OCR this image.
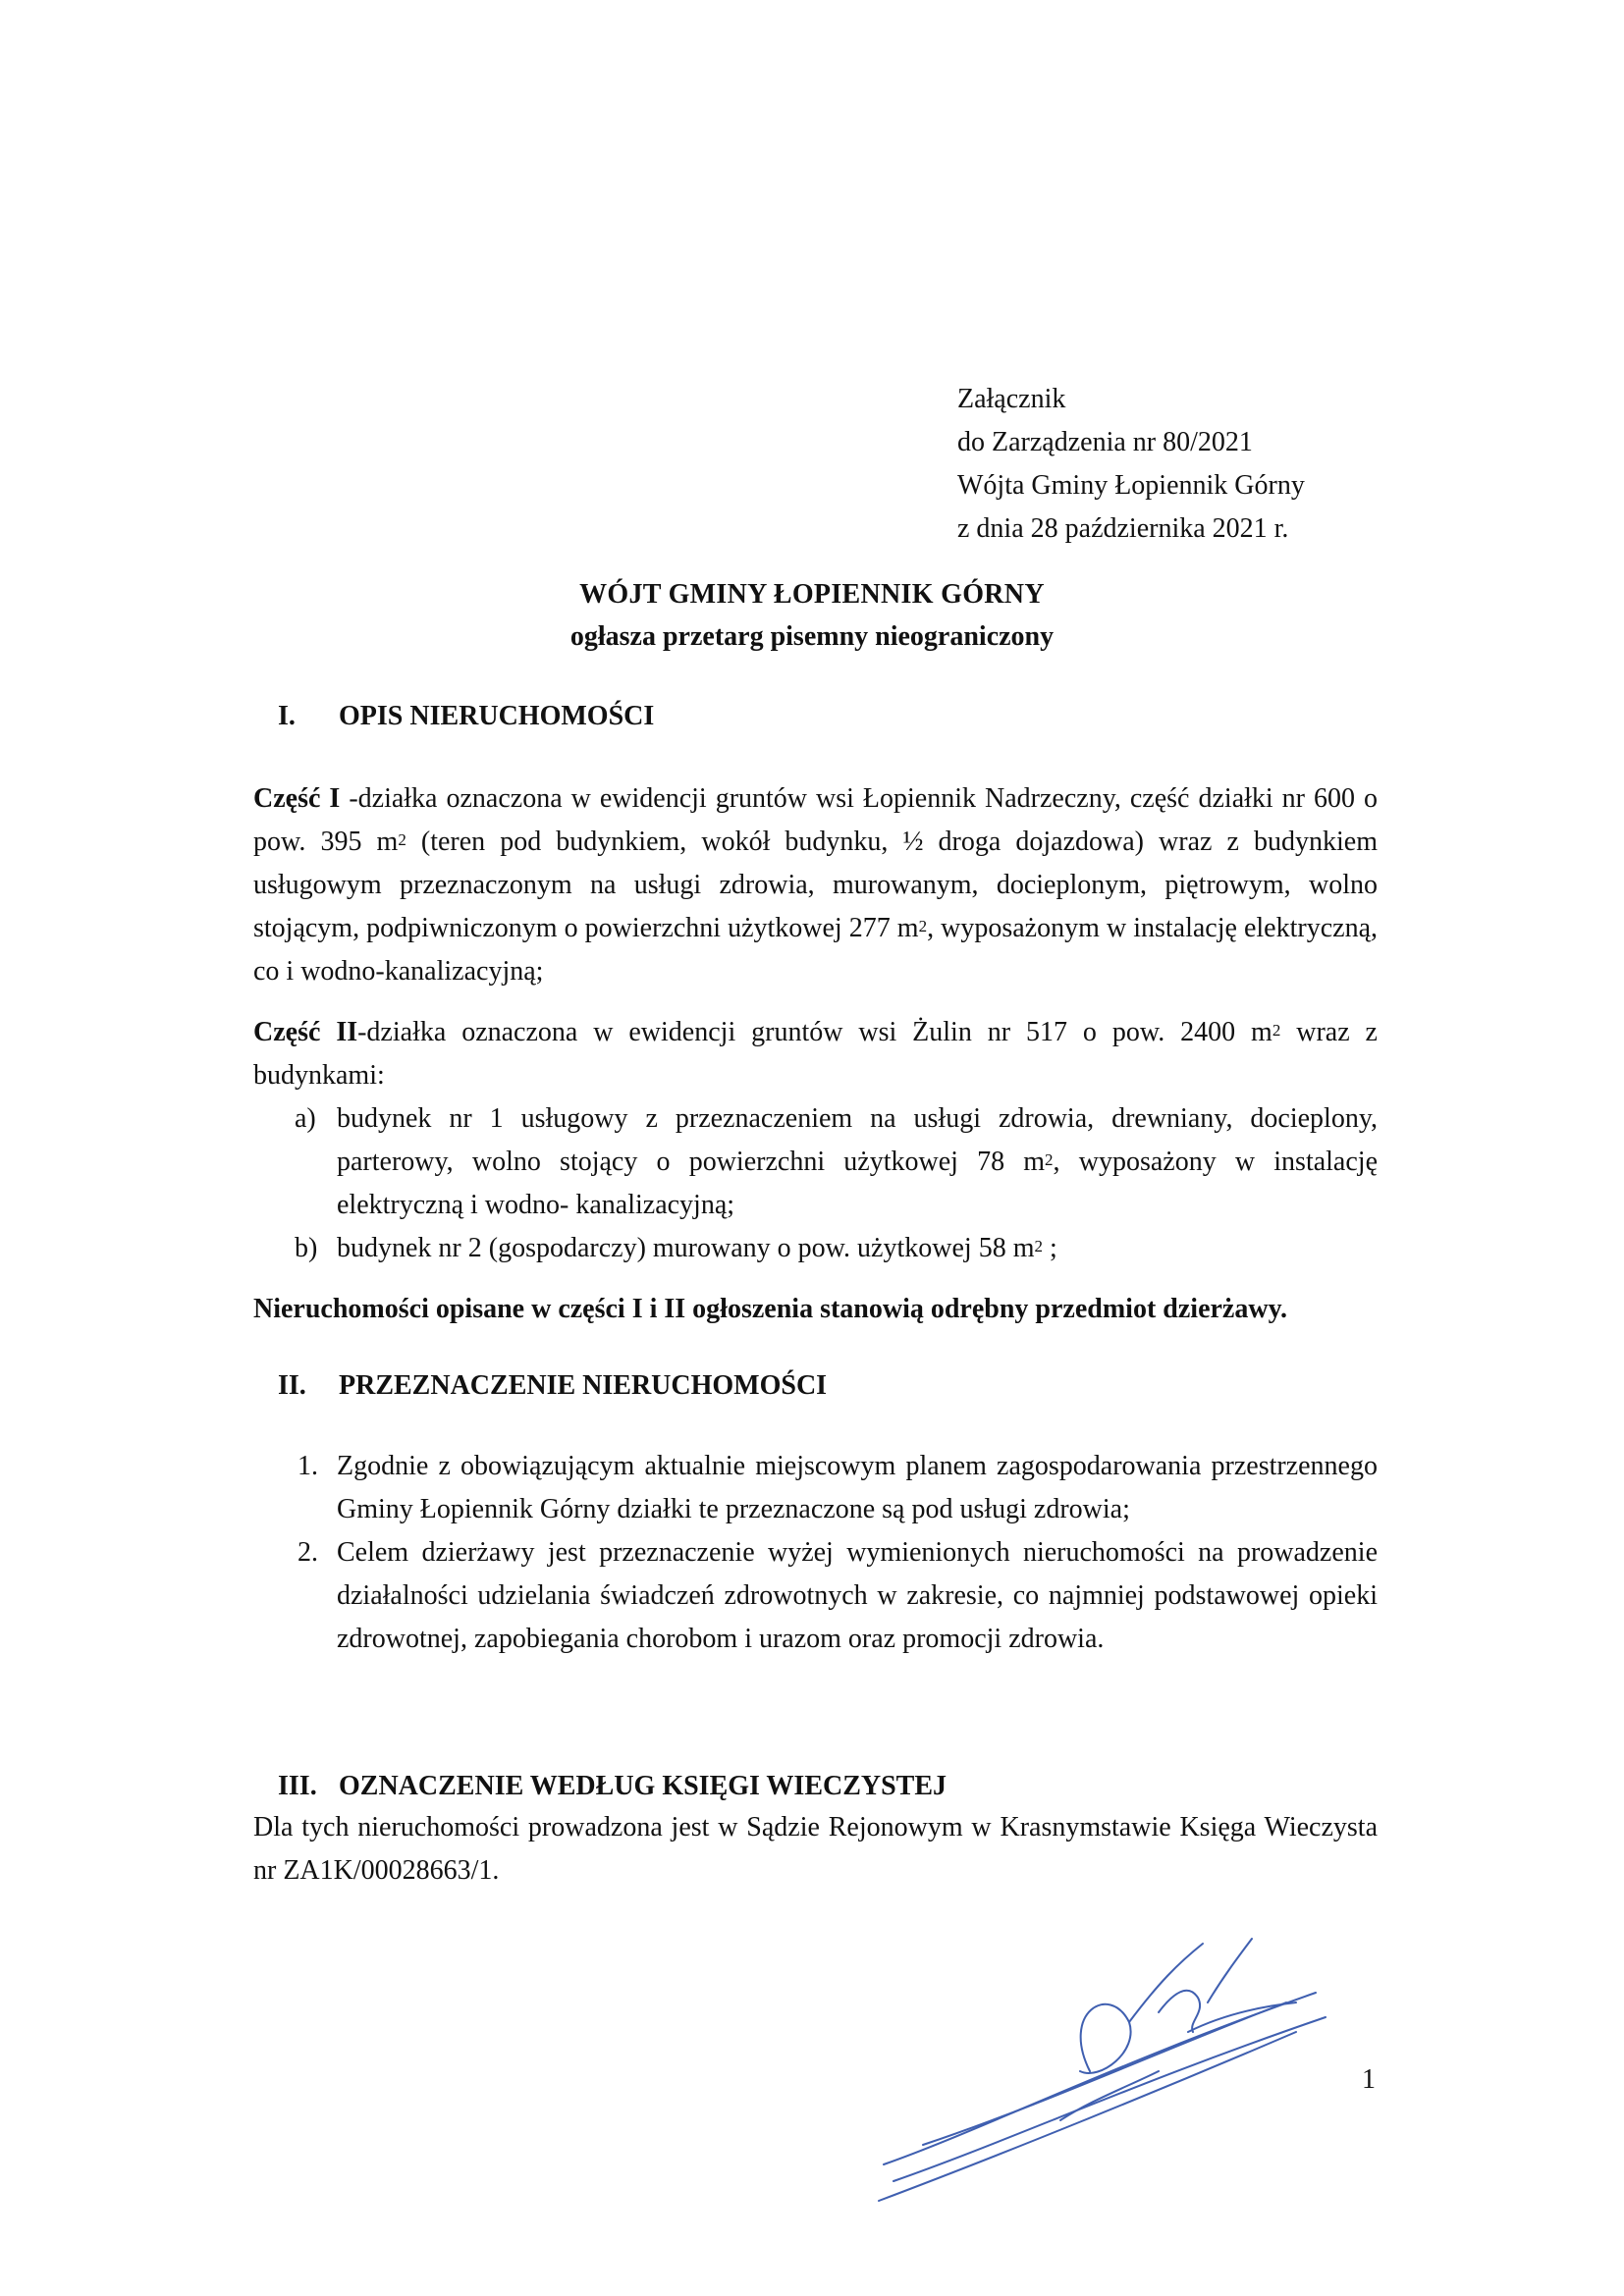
Załącznik
do Zarządzenia nr 80/2021
Wójta Gminy Łopiennik Górny
z dnia 28 października 2021 r.
WÓJT GMINY ŁOPIENNIK GÓRNY
ogłasza przetarg pisemny nieograniczony
I. OPIS NIERUCHOMOŚCI
Część I -działka oznaczona w ewidencji gruntów wsi Łopiennik Nadrzeczny, część działki nr 600 o pow. 395 $m^2$ (teren pod budynkiem, wokół budynku, ½ droga dojazdowa) wraz z budynkiem usługowym przeznaczonym na usługi zdrowia, murowanym, docieplonym, piętrowym, wolno stojącym, podpiwniczonym o powierzchni użytkowej 277 $m^2$, wyposażonym w instalację elektryczną, co i wodno-kanalizacyjną;
Część II-działka oznaczona w ewidencji gruntów wsi Żulin nr 517 o pow. 2400 $m^2$ wraz z budynkami:
a) budynek nr 1 usługowy z przeznaczeniem na usługi zdrowia, drewniany, docieplony, parterowy, wolno stojący o powierzchni użytkowej 78 $m^2$, wyposażony w instalację elektryczną i wodno- kanalizacyjną;
b) budynek nr 2 (gospodarczy) murowany o pow. użytkowej 58 $m^2$ ;
Nieruchomości opisane w części I i II ogłoszenia stanowią odrębny przedmiot dzierżawy.
II. PRZEZNACZENIE NIERUCHOMOŚCI
1. Zgodnie z obowiązującym aktualnie miejscowym planem zagospodarowania przestrzennego Gminy Łopiennik Górny działki te przeznaczone są pod usługi zdrowia;
2. Celem dzierżawy jest przeznaczenie wyżej wymienionych nieruchomości na prowadzenie działalności udzielania świadczeń zdrowotnych w zakresie, co najmniej podstawowej opieki zdrowotnej, zapobiegania chorobom i urazom oraz promocji zdrowia.
III. OZNACZENIE WEDŁUG KSIĘGI WIECZYSTEJ
Dla tych nieruchomości prowadzona jest w Sądzie Rejonowym w Krasnymstawie Księga Wieczysta nr ZA1K/00028663/1.
1
